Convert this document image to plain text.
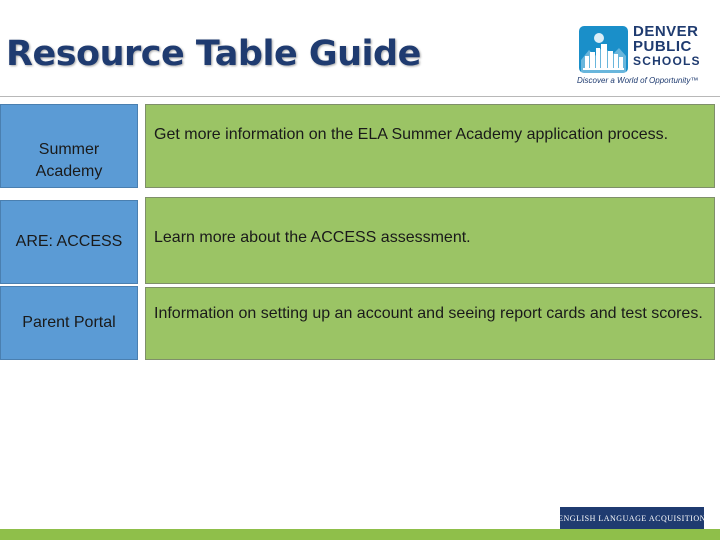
Resource Table Guide
DENVER
PUBLIC
SCHOOLS
Discover a World of Opportunity™
Summer Academy
Get more information on the ELA Summer Academy application process.
ARE: ACCESS	Learn more about the ACCESS assessment.
Parent Portal
Information on setting up an account and seeing report cards and test scores.
ENGLISH LANGUAGE ACQUISITION
